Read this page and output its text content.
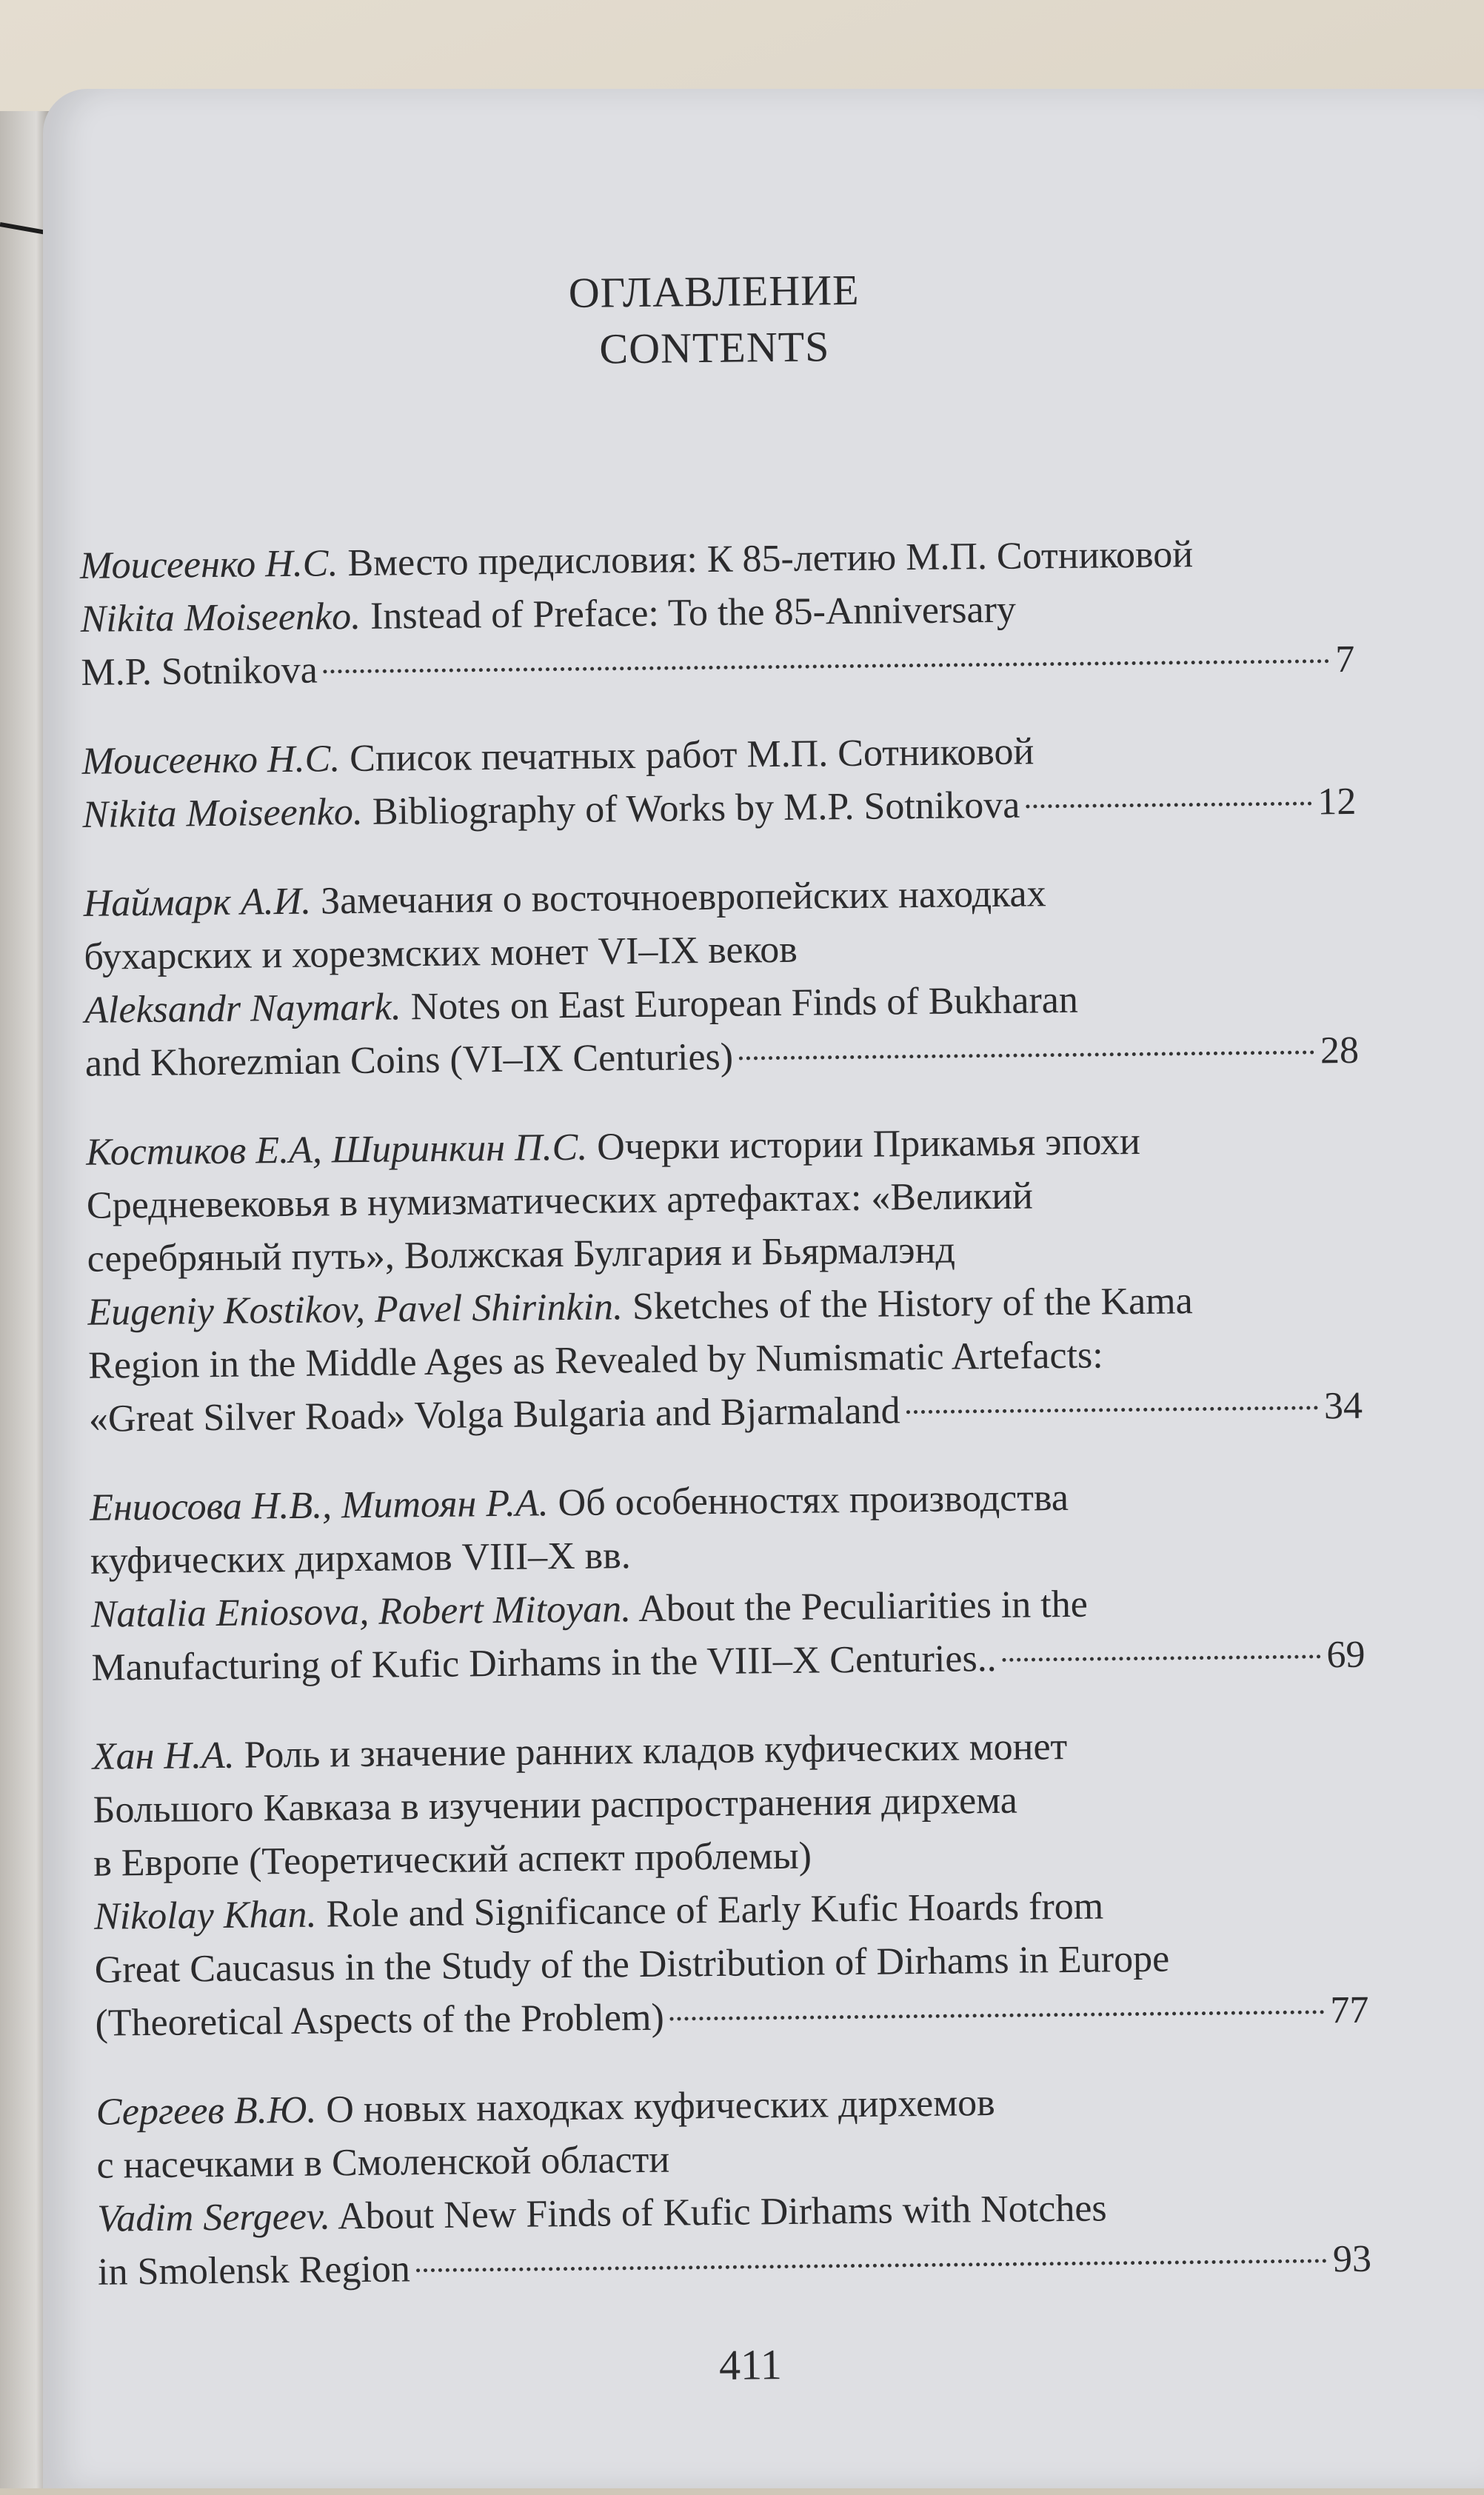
ОГЛАВЛЕНИЕ
CONTENTS
Моисеенко Н.С. Вместо предисловия: К 85-летию М.П. Сотниковой
Nikita Moiseenko. Instead of Preface: To the 85-Anniversary
M.P. Sotnikova	7
Моисеенко Н.С. Список печатных работ М.П. Сотниковой
Nikita Moiseenko. Bibliography of Works by M.P. Sotnikova	12
Наймарк А.И. Замечания о восточноевропейских находках
бухарских и хорезмских монет VI–IX веков
Aleksandr Naymark. Notes on East European Finds of Bukharan
and Khorezmian Coins (VI–IX Centuries)	28
Костиков Е.А, Ширинкин П.С. Очерки истории Прикамья эпохи
Средневековья в нумизматических артефактах: «Великий
серебряный путь», Волжская Булгария и Бьярмалэнд
Eugeniy Kostikov, Pavel Shirinkin. Sketches of the History of the Kama
Region in the Middle Ages as Revealed by Numismatic Artefacts:
«Great Silver Road» Volga Bulgaria and Bjarmaland	34
Ениосова Н.В., Митоян Р.А. Об особенностях производства
куфических дирхамов VIII–X вв.
Natalia Eniosova, Robert Mitoyan. About the Peculiarities in the
Manufacturing of Kufic Dirhams in the VIII–X Centuries..	69
Хан Н.А. Роль и значение ранних кладов куфических монет
Большого Кавказа в изучении распространения дирхема
в Европе (Теоретический аспект проблемы)
Nikolay Khan. Role and Significance of Early Kufic Hoards from
Great Caucasus in the Study of the Distribution of Dirhams in Europe
(Theoretical Aspects of the Problem)	77
Сергеев В.Ю. О новых находках куфических дирхемов
с насечками в Смоленской области
Vadim Sergeev. About New Finds of Kufic Dirhams with Notches
in Smolensk Region	93
411
